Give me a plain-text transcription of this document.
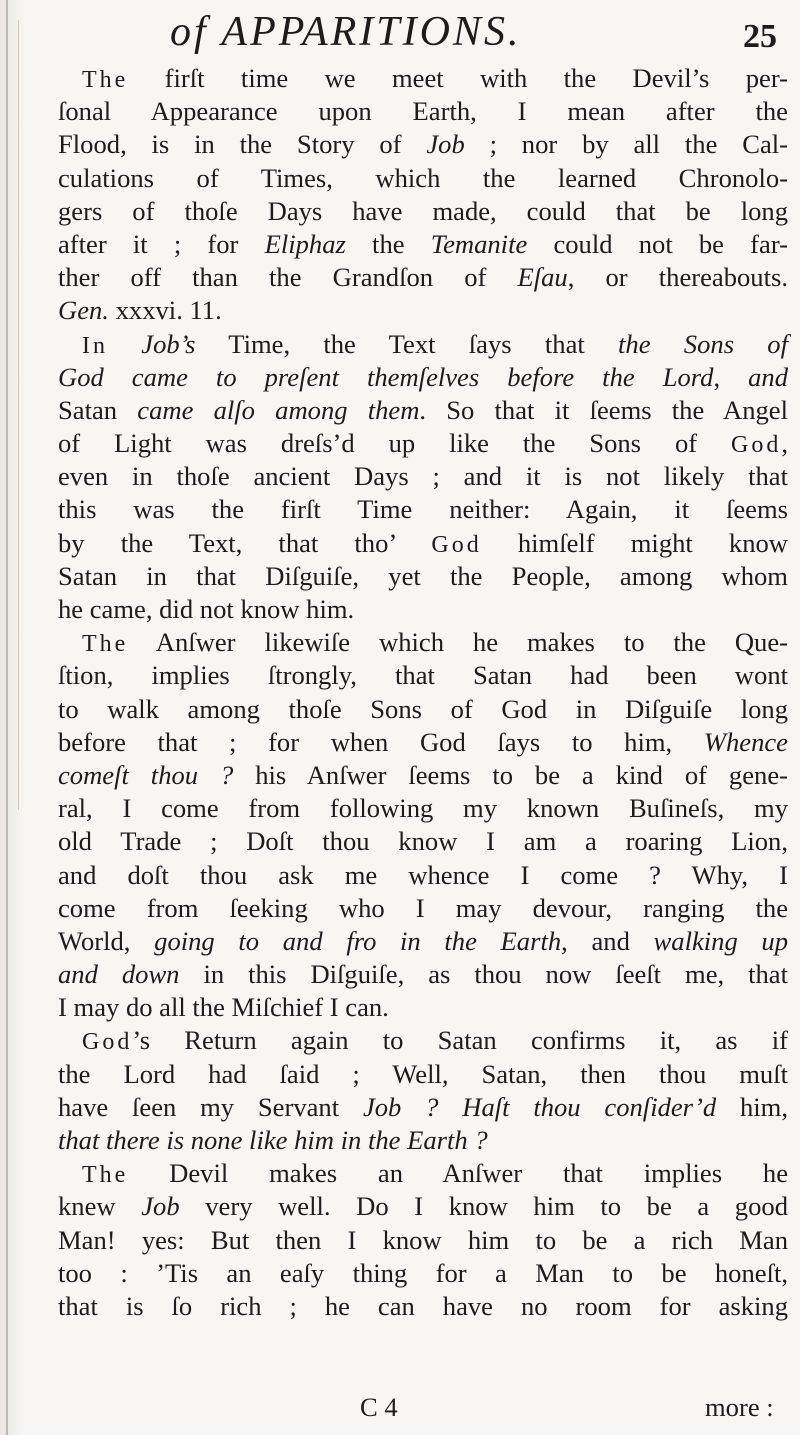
of APPARITIONS.	25
The firſt time we meet with the Devil’s per-
ſonal Appearance upon Earth, I mean after the
Flood, is in the Story of Job ; nor by all the Cal-
culations of Times, which the learned Chronolo-
gers of thoſe Days have made, could that be long
after it ; for Eliphaz the Temanite could not be far-
ther off than the Grandſon of Eſau, or thereabouts.
Gen. xxxvi. 11.
In Job’s Time, the Text ſays that the Sons of
God came to preſent themſelves before the Lord, and
Satan came alſo among them. So that it ſeems the Angel
of Light was dreſs’d up like the Sons of God,
even in thoſe ancient Days ; and it is not likely that
this was the firſt Time neither: Again, it ſeems
by the Text, that tho’ God himſelf might know
Satan in that Diſguiſe, yet the People, among whom
he came, did not know him.
The Anſwer likewiſe which he makes to the Que-
ſtion, implies ſtrongly, that Satan had been wont
to walk among thoſe Sons of God in Diſguiſe long
before that ; for when God ſays to him, Whence
comeſt thou ? his Anſwer ſeems to be a kind of gene-
ral, I come from following my known Buſineſs, my
old Trade ; Doſt thou know I am a roaring Lion,
and doſt thou ask me whence I come ? Why, I
come from ſeeking who I may devour, ranging the
World, going to and fro in the Earth, and walking up
and down in this Diſguiſe, as thou now ſeeſt me, that
I may do all the Miſchief I can.
God’s Return again to Satan confirms it, as if
the Lord had ſaid ; Well, Satan, then thou muſt
have ſeen my Servant Job ? Haſt thou conſider’d him,
that there is none like him in the Earth ?
The Devil makes an Anſwer that implies he
knew Job very well. Do I know him to be a good
Man! yes: But then I know him to be a rich Man
too : ’Tis an eaſy thing for a Man to be honeſt,
that is ſo rich ; he can have no room for asking
C 4	more :
